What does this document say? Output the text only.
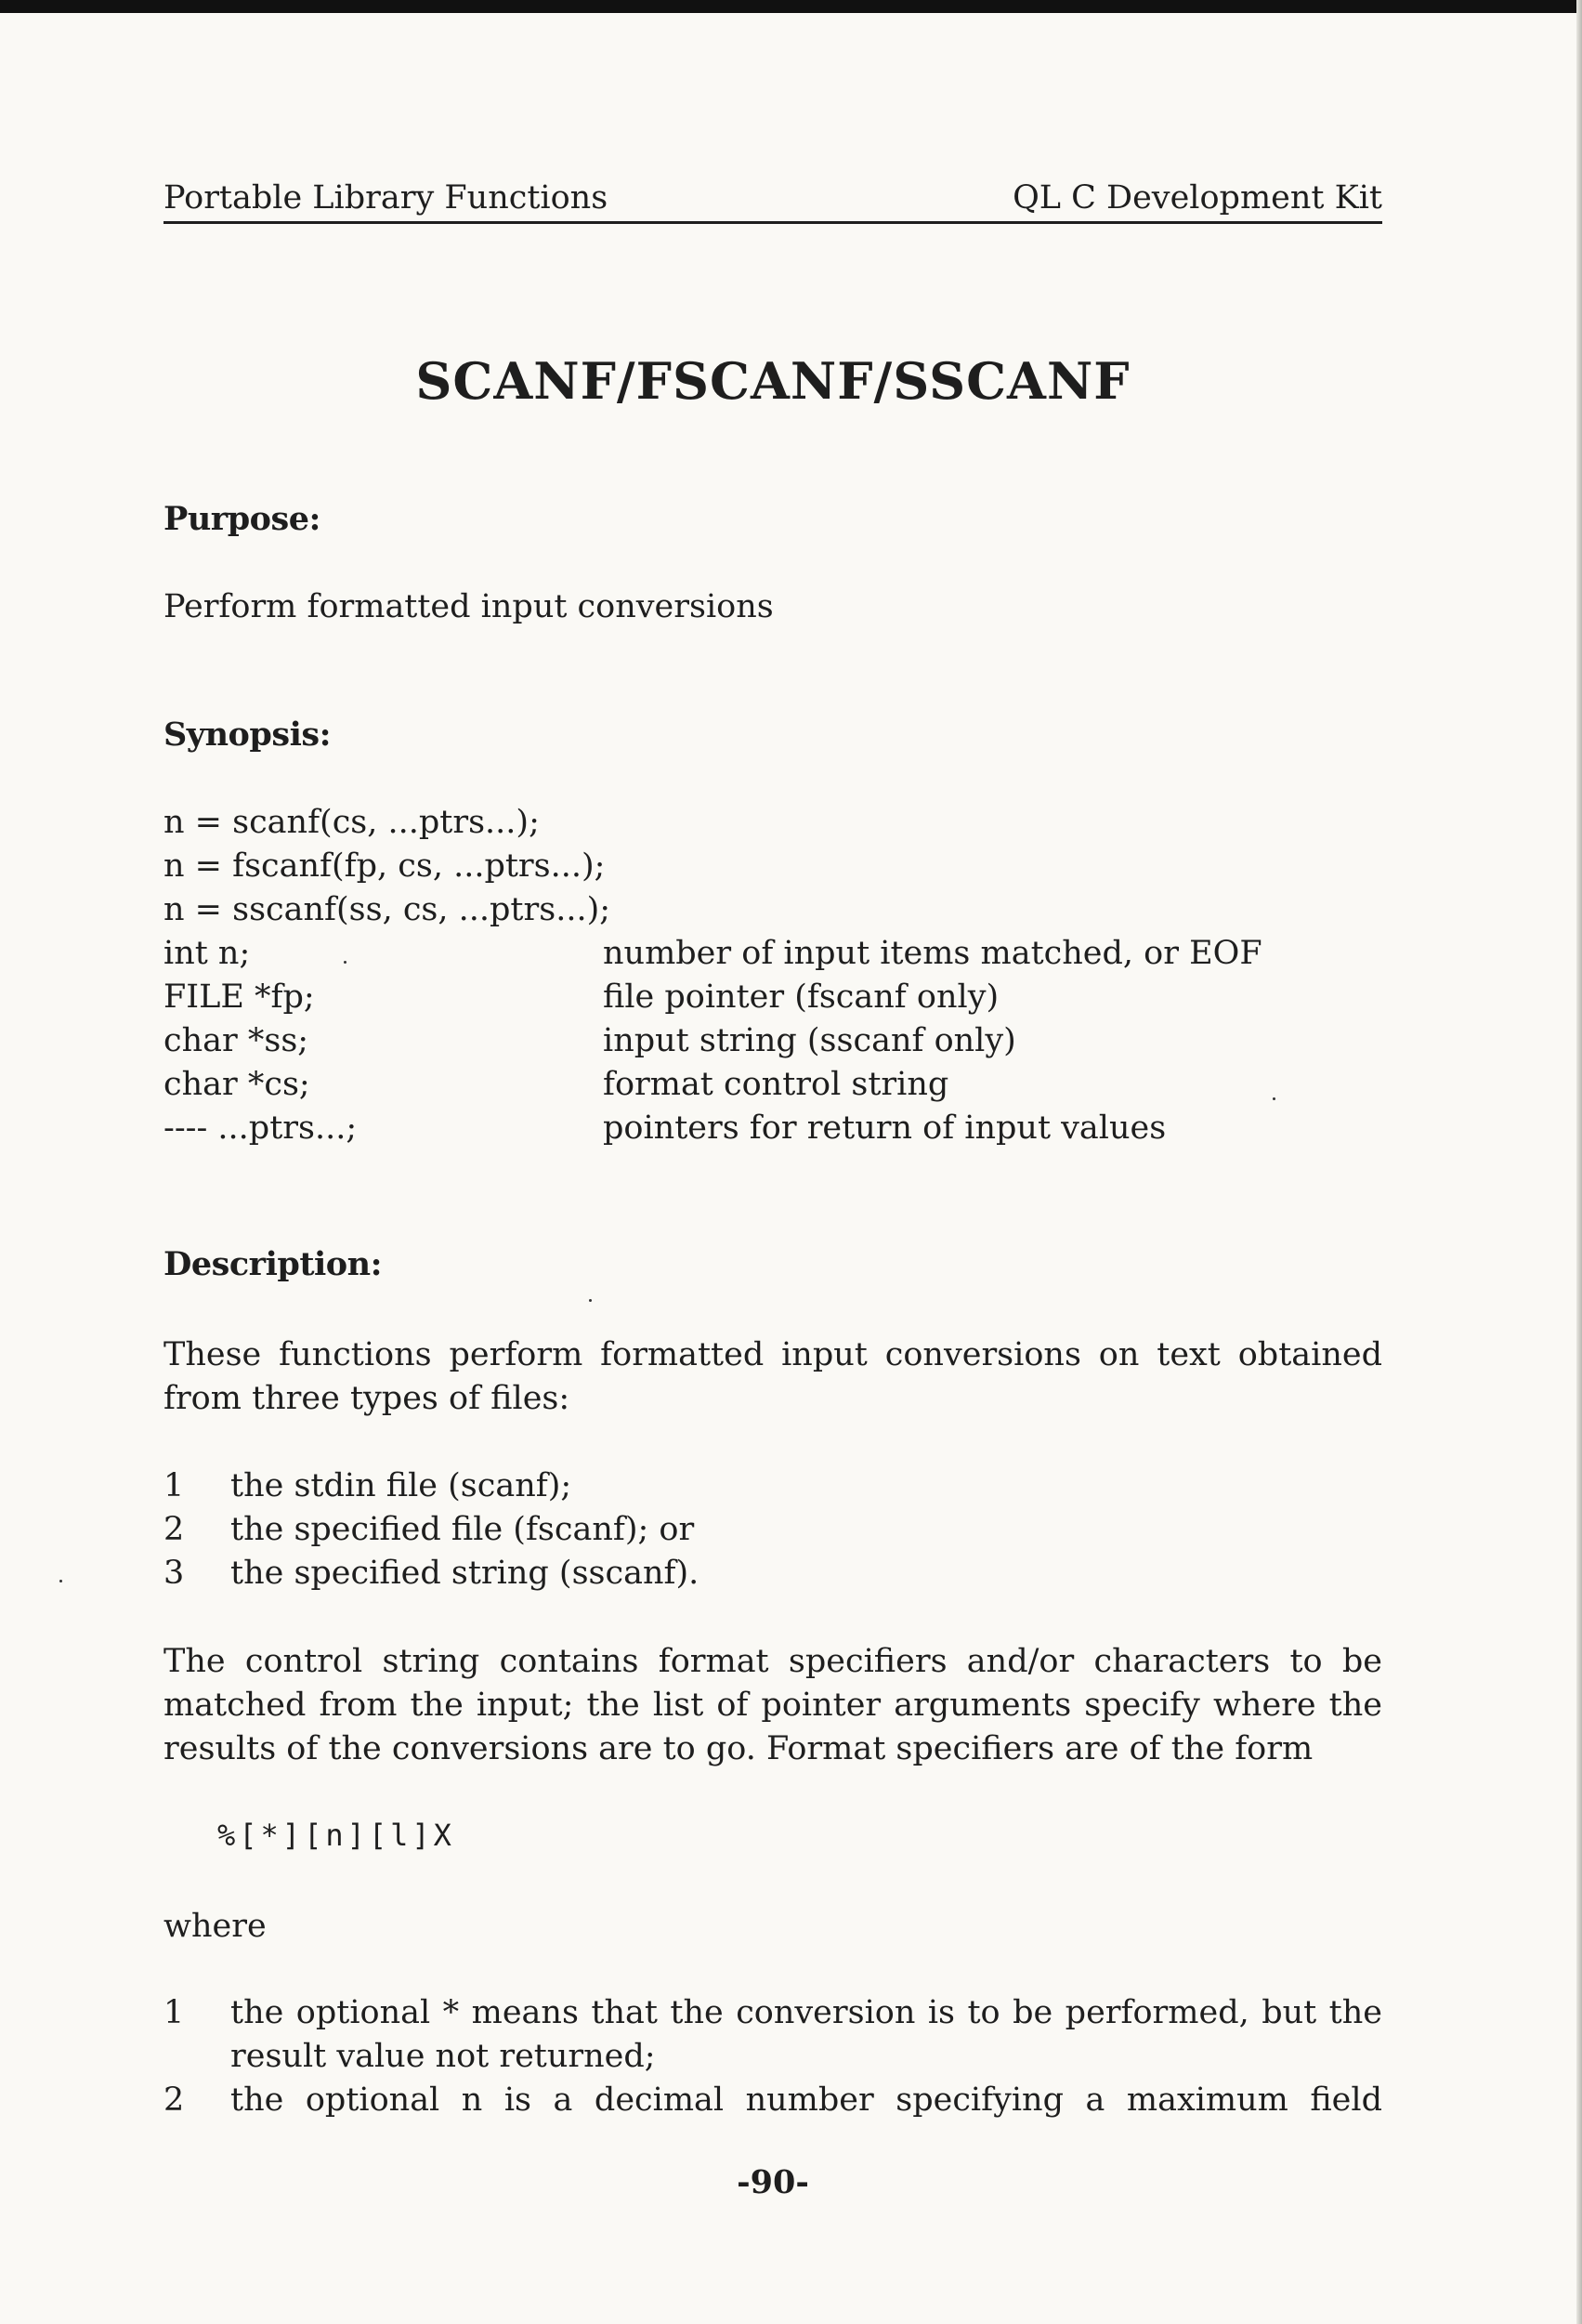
Portable Library Functions	QL C Development Kit
SCANF/FSCANF/SSCANF
Purpose:
Perform formatted input conversions
Synopsis:
n = scanf(cs, ...ptrs...);
n = fscanf(fp, cs, ...ptrs...);
n = sscanf(ss, cs, ...ptrs...);
int n;	number of input items matched, or EOF
FILE *fp;	file pointer (fscanf only)
char *ss;	input string (sscanf only)
char *cs;	format control string
---- ...ptrs...;	pointers for return of input values
Description:
These functions perform formatted input conversions on text obtained from three types of files:
1 the stdin file (scanf);
2 the specified file (fscanf); or
3 the specified string (sscanf).
The control string contains format specifiers and/or characters to be matched from the input; the list of pointer arguments specify where the results of the conversions are to go. Format specifiers are of the form
%[*][n][l]X
where
1 the optional * means that the conversion is to be performed, but the result value not returned;
2 the optional n is a decimal number specifying a maximum field
-90-
